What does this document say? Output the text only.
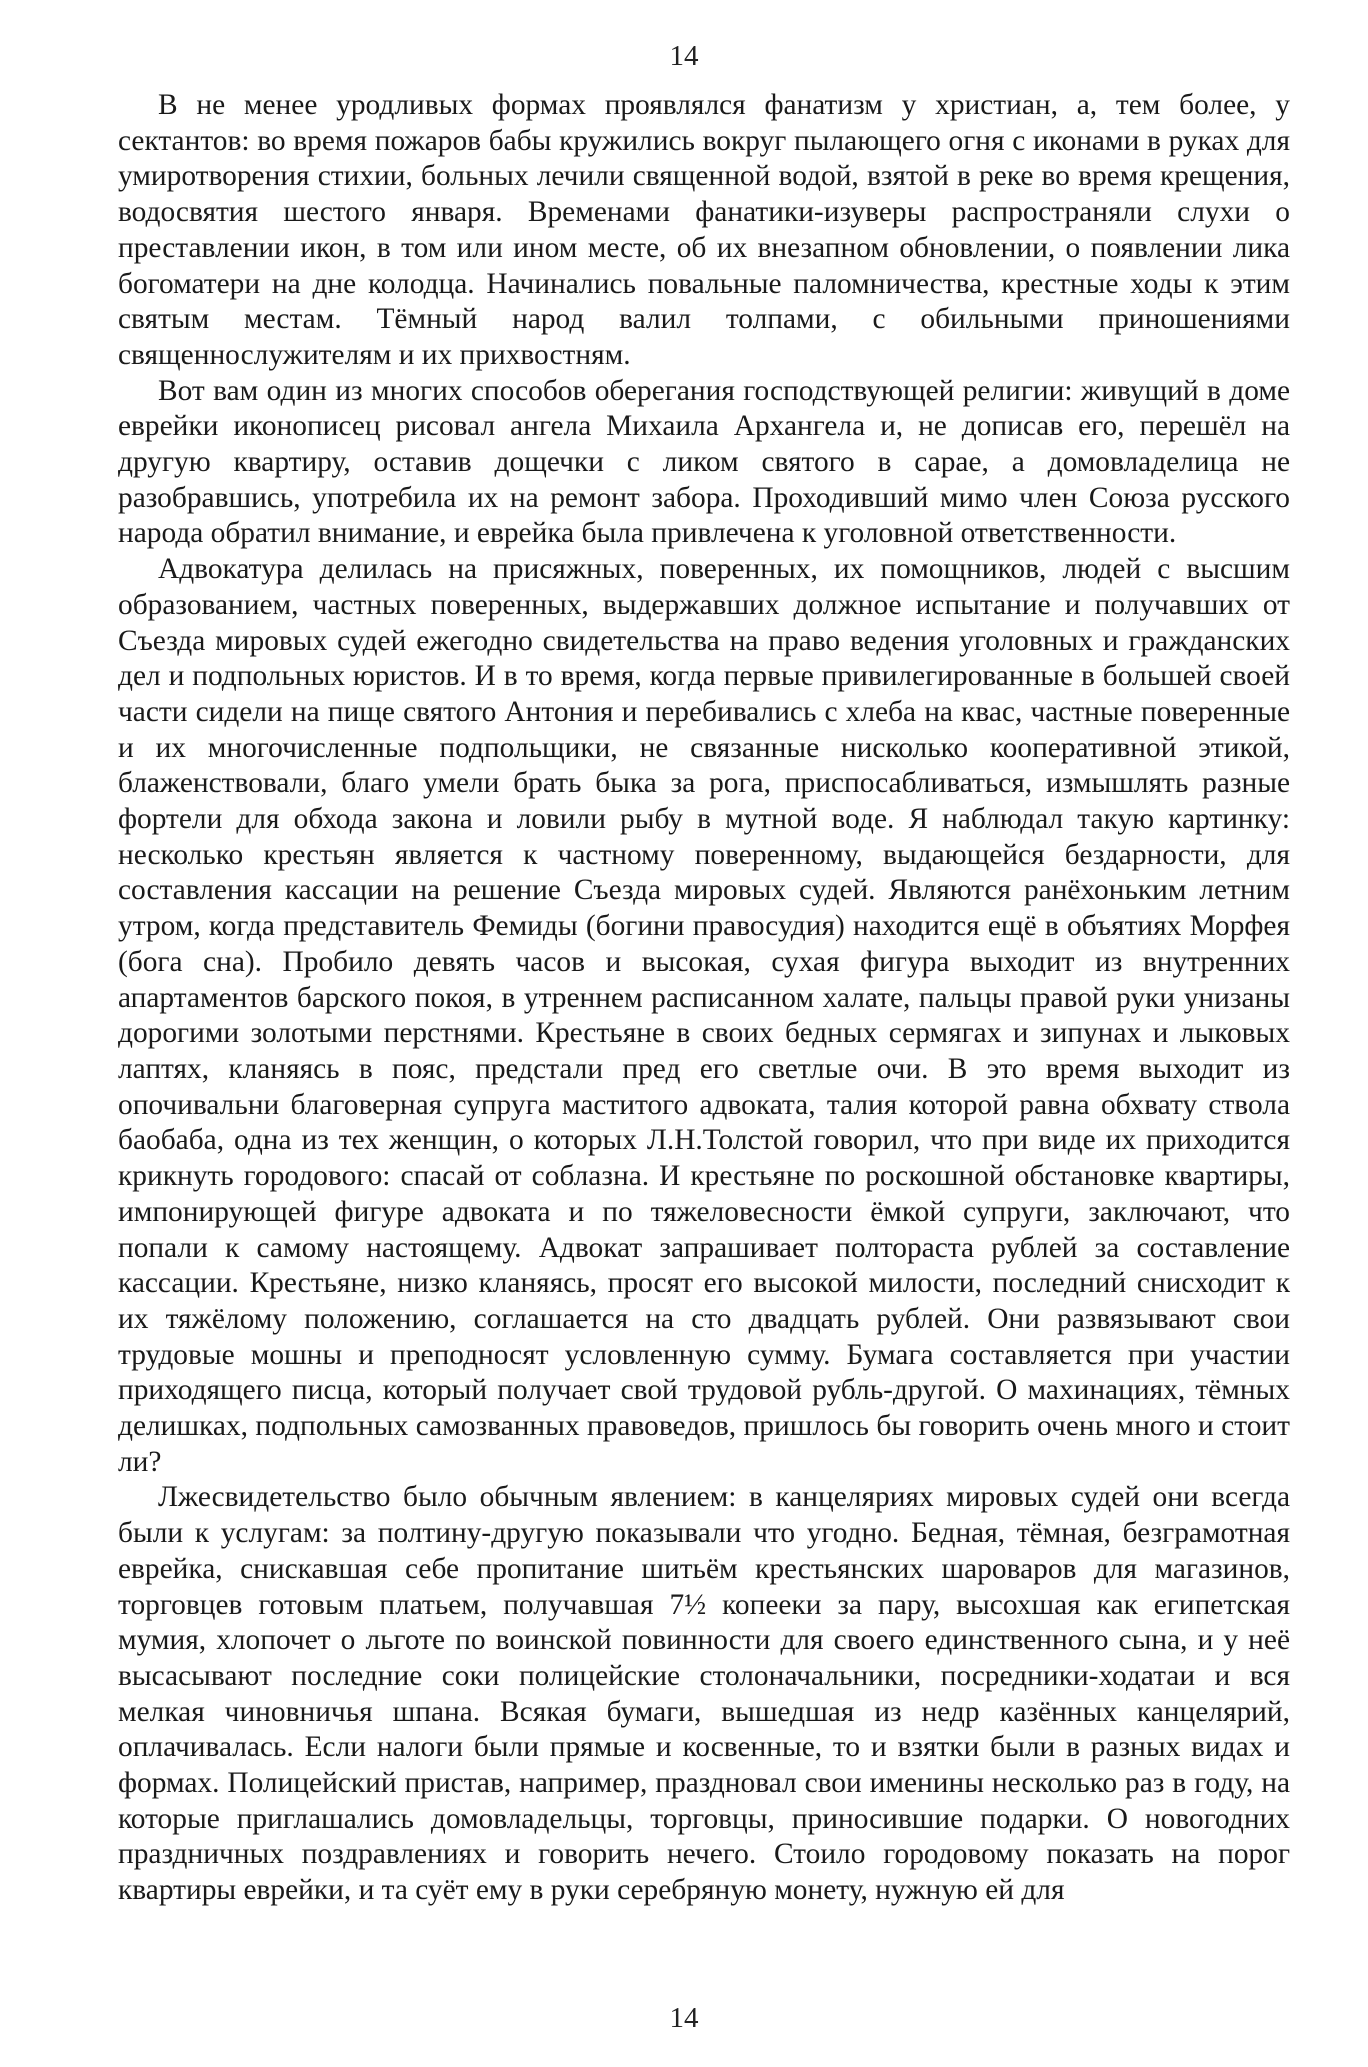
14

В не менее уродливых формах проявлялся фанатизм у христиан, а, тем более, у сектантов: во время пожаров бабы кружились вокруг пылающего огня с иконами в руках для умиротворения стихии, больных лечили священной водой, взятой в реке во время крещения, водосвятия шестого января. Временами фанатики-изуверы распространяли слухи о преставлении икон, в том или ином месте, об их внезапном обновлении, о появлении лика богоматери на дне колодца. Начинались повальные паломничества, крестные ходы к этим святым местам. Тёмный народ валил толпами, с обильными приношениями священнослужителям и их прихвостням.

Вот вам один из многих способов оберегания господствующей религии: живущий в доме еврейки иконописец рисовал ангела Михаила Архангела и, не дописав его, перешёл на другую квартиру, оставив дощечки с ликом святого в сарае, а домовладелица не разобравшись, употребила их на ремонт забора. Проходивший мимо член Союза русского народа обратил внимание, и еврейка была привлечена к уголовной ответственности.

Адвокатура делилась на присяжных, поверенных, их помощников, людей с высшим образованием, частных поверенных, выдержавших должное испытание и получавших от Съезда мировых судей ежегодно свидетельства на право ведения уголовных и гражданских дел и подпольных юристов. И в то время, когда первые привилегированные в большей своей части сидели на пище святого Антония и перебивались с хлеба на квас, частные поверенные и их многочисленные подпольщики, не связанные нисколько кооперативной этикой, блаженствовали, благо умели брать быка за рога, приспосабливаться, измышлять разные фортели для обхода закона и ловили рыбу в мутной воде. Я наблюдал такую картинку: несколько крестьян является к частному поверенному, выдающейся бездарности, для составления кассации на решение Съезда мировых судей. Являются ранёхоньким летним утром, когда представитель Фемиды (богини правосудия) находится ещё в объятиях Морфея (бога сна). Пробило девять часов и высокая, сухая фигура выходит из внутренних апартаментов барского покоя, в утреннем расписанном халате, пальцы правой руки унизаны дорогими золотыми перстнями. Крестьяне в своих бедных сермягах и зипунах и лыковых лаптях, кланяясь в пояс, предстали пред его светлые очи. В это время выходит из опочивальни благоверная супруга маститого адвоката, талия которой равна обхвату ствола баобаба, одна из тех женщин, о которых Л.Н.Толстой говорил, что при виде их приходится крикнуть городового: спасай от соблазна. И крестьяне по роскошной обстановке квартиры, импонирующей фигуре адвоката и по тяжеловесности ёмкой супруги, заключают, что попали к самому настоящему. Адвокат запрашивает полтораста рублей за составление кассации. Крестьяне, низко кланяясь, просят его высокой милости, последний снисходит к их тяжёлому положению, соглашается на сто двадцать рублей. Они развязывают свои трудовые мошны и преподносят условленную сумму. Бумага составляется при участии приходящего писца, который получает свой трудовой рубль-другой. О махинациях, тёмных делишках, подпольных самозванных правоведов, пришлось бы говорить очень много и стоит ли?

Лжесвидетельство было обычным явлением: в канцеляриях мировых судей они всегда были к услугам: за полтину-другую показывали что угодно. Бедная, тёмная, безграмотная еврейка, снискавшая себе пропитание шитьём крестьянских шароваров для магазинов, торговцев готовым платьем, получавшая 7½ копееки за пару, высохшая как египетская мумия, хлопочет о льготе по воинской повинности для своего единственного сына, и у неё высасывают последние соки полицейские столоначальники, посредники-ходатаи и вся мелкая чиновничья шпана. Всякая бумаги, вышедшая из недр казённых канцелярий, оплачивалась. Если налоги были прямые и косвенные, то и взятки были в разных видах и формах. Полицейский пристав, например, праздновал свои именины несколько раз в году, на которые приглашались домовладельцы, торговцы, приносившие подарки. О новогодних праздничных поздравлениях и говорить нечего. Стоило городовому показать на порог квартиры еврейки, и та суёт ему в руки серебряную монету, нужную ей для

14
